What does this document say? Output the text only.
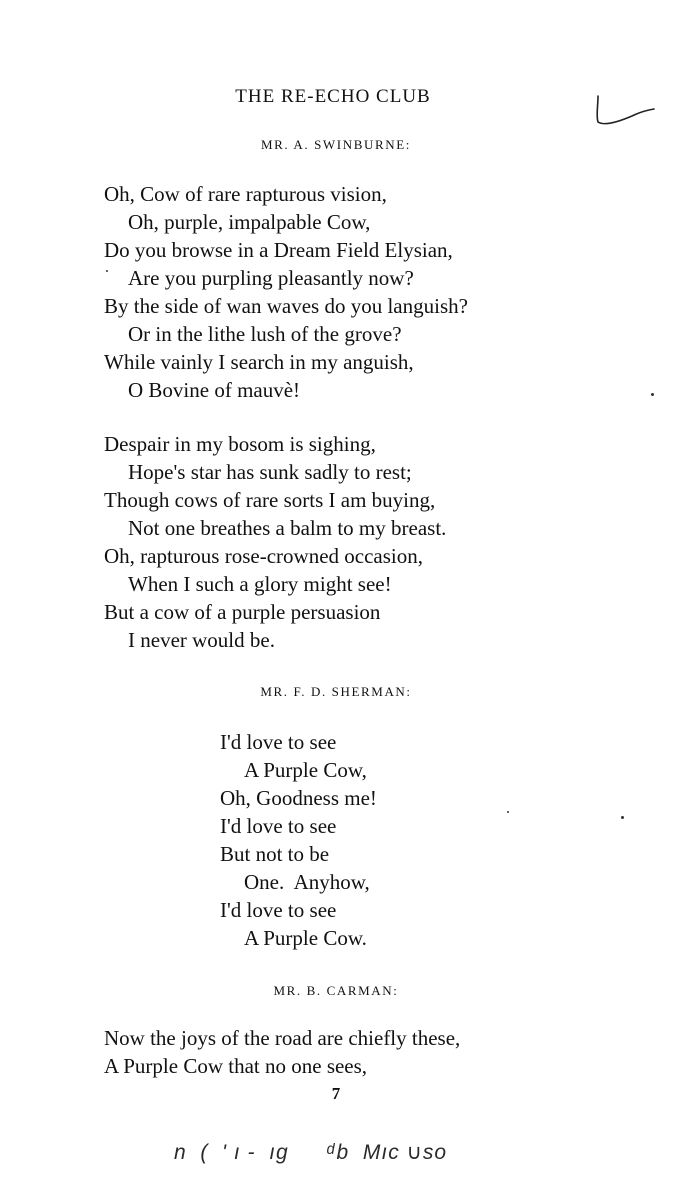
THE RE-ECHO CLUB
MR. A. SWINBURNE:
Oh, Cow of rare rapturous vision,
Oh, purple, impalpable Cow,
Do you browse in a Dream Field Elysian,
Are you purpling pleasantly now?
By the side of wan waves do you languish?
Or in the lithe lush of the grove?
While vainly I search in my anguish,
O Bovine of mauvè!
Despair in my bosom is sighing,
Hope's star has sunk sadly to rest;
Though cows of rare sorts I am buying,
Not one breathes a balm to my breast.
Oh, rapturous rose-crowned occasion,
When I such a glory might see!
But a cow of a purple persuasion
I never would be.
MR. F. D. SHERMAN:
I'd love to see
A Purple Cow,
Oh, Goodness me!
I'd love to see
But not to be
One.  Anyhow,
I'd love to see
A Purple Cow.
MR. B. CARMAN:
Now the joys of the road are chiefly these,
A Purple Cow that no one sees,
7
n  (  ' ı -  ıg      ͩ b  Mıc ∪so
